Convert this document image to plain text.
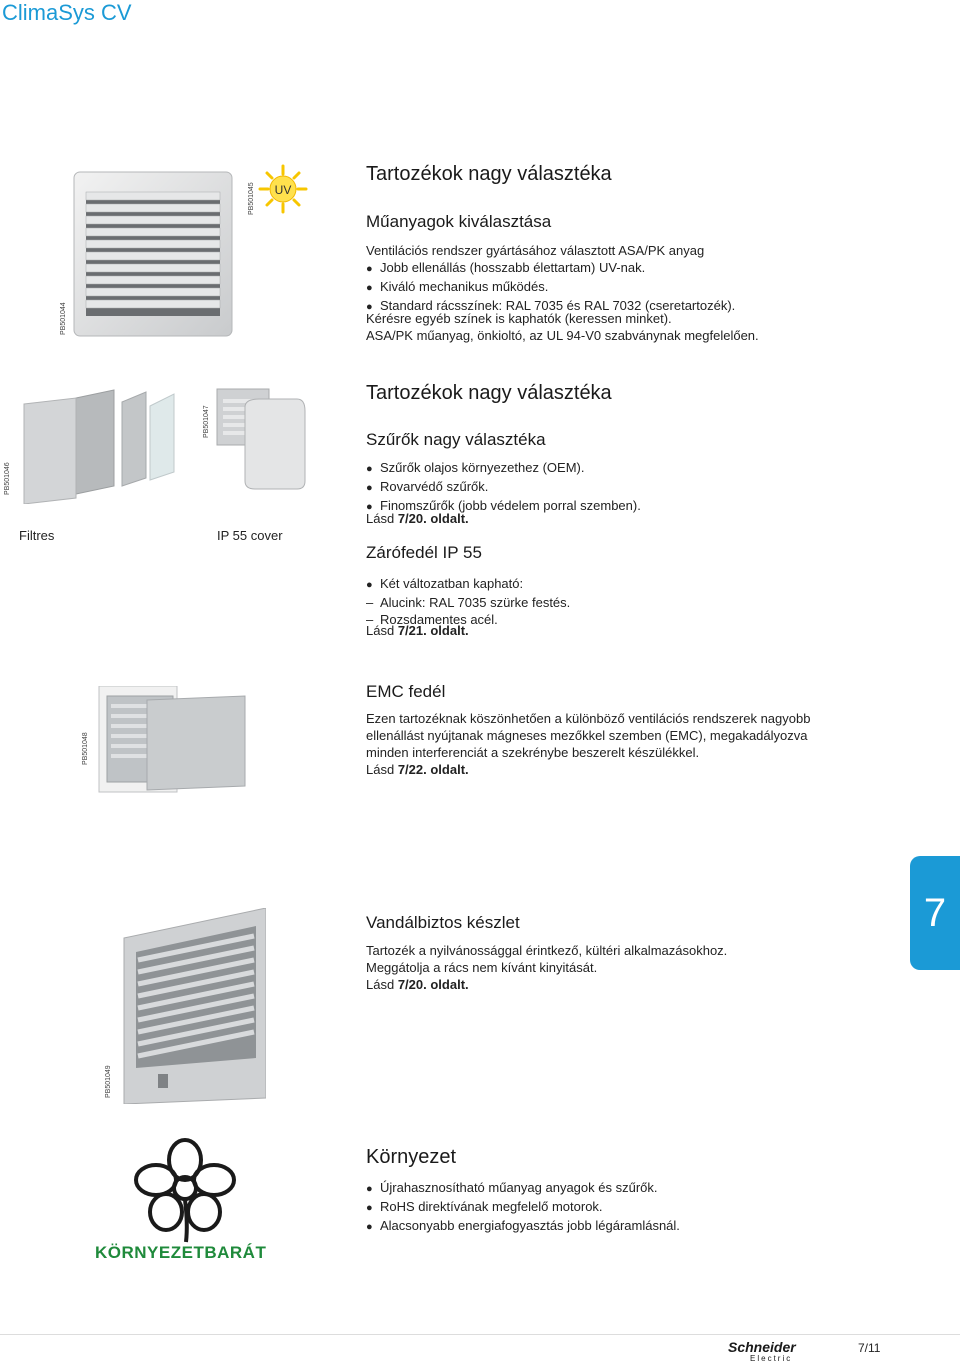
ClimaSys CV
PB501044
PB501045	UV
Tartozékok nagy választéka
Műanyagok kiválasztása
Ventilációs rendszer gyártásához választott ASA/PK anyag
● Jobb ellenállás (hosszabb élettartam) UV-nak.
● Kiváló mechanikus működés.
● Standard rácsszínek: RAL 7035 és RAL 7032 (cseretartozék).
Kérésre egyéb színek is kaphatók (keressen minket).
ASA/PK műanyag, önkioltó, az UL 94-V0 szabványnak megfelelően.
PB501046
Filtres
PB501047
IP 55 cover
Tartozékok nagy választéka
Szűrők nagy választéka
● Szűrők olajos környezethez (OEM).
● Rovarvédő szűrők.
● Finomszűrők (jobb védelem porral szemben).
Lásd 7/20. oldalt.
Zárófedél IP 55
● Két változatban kapható:
– Alucink: RAL 7035 szürke festés.
– Rozsdamentes acél.
Lásd 7/21. oldalt.
PB501048
EMC fedél
Ezen tartozéknak köszönhetően a különböző ventilációs rendszerek nagyobb
ellenállást nyújtanak mágneses mezőkkel szemben (EMC), megakadályozva
minden interferenciát a szekrénybe beszerelt készülékkel.
Lásd 7/22. oldalt.
PB501049
Vandálbiztos készlet
Tartozék a nyilvánossággal érintkező, kültéri alkalmazásokhoz.
Meggátolja a rács nem kívánt kinyitását.
Lásd 7/20. oldalt.
7
KÖRNYEZETBARÁT
Környezet
● Újrahasznosítható műanyag anyagok és szűrők.
● RoHS direktívának megfelelő motorok.
● Alacsonyabb energiafogyasztás jobb légáramlásnál.
Schneider
Electric
7/11
